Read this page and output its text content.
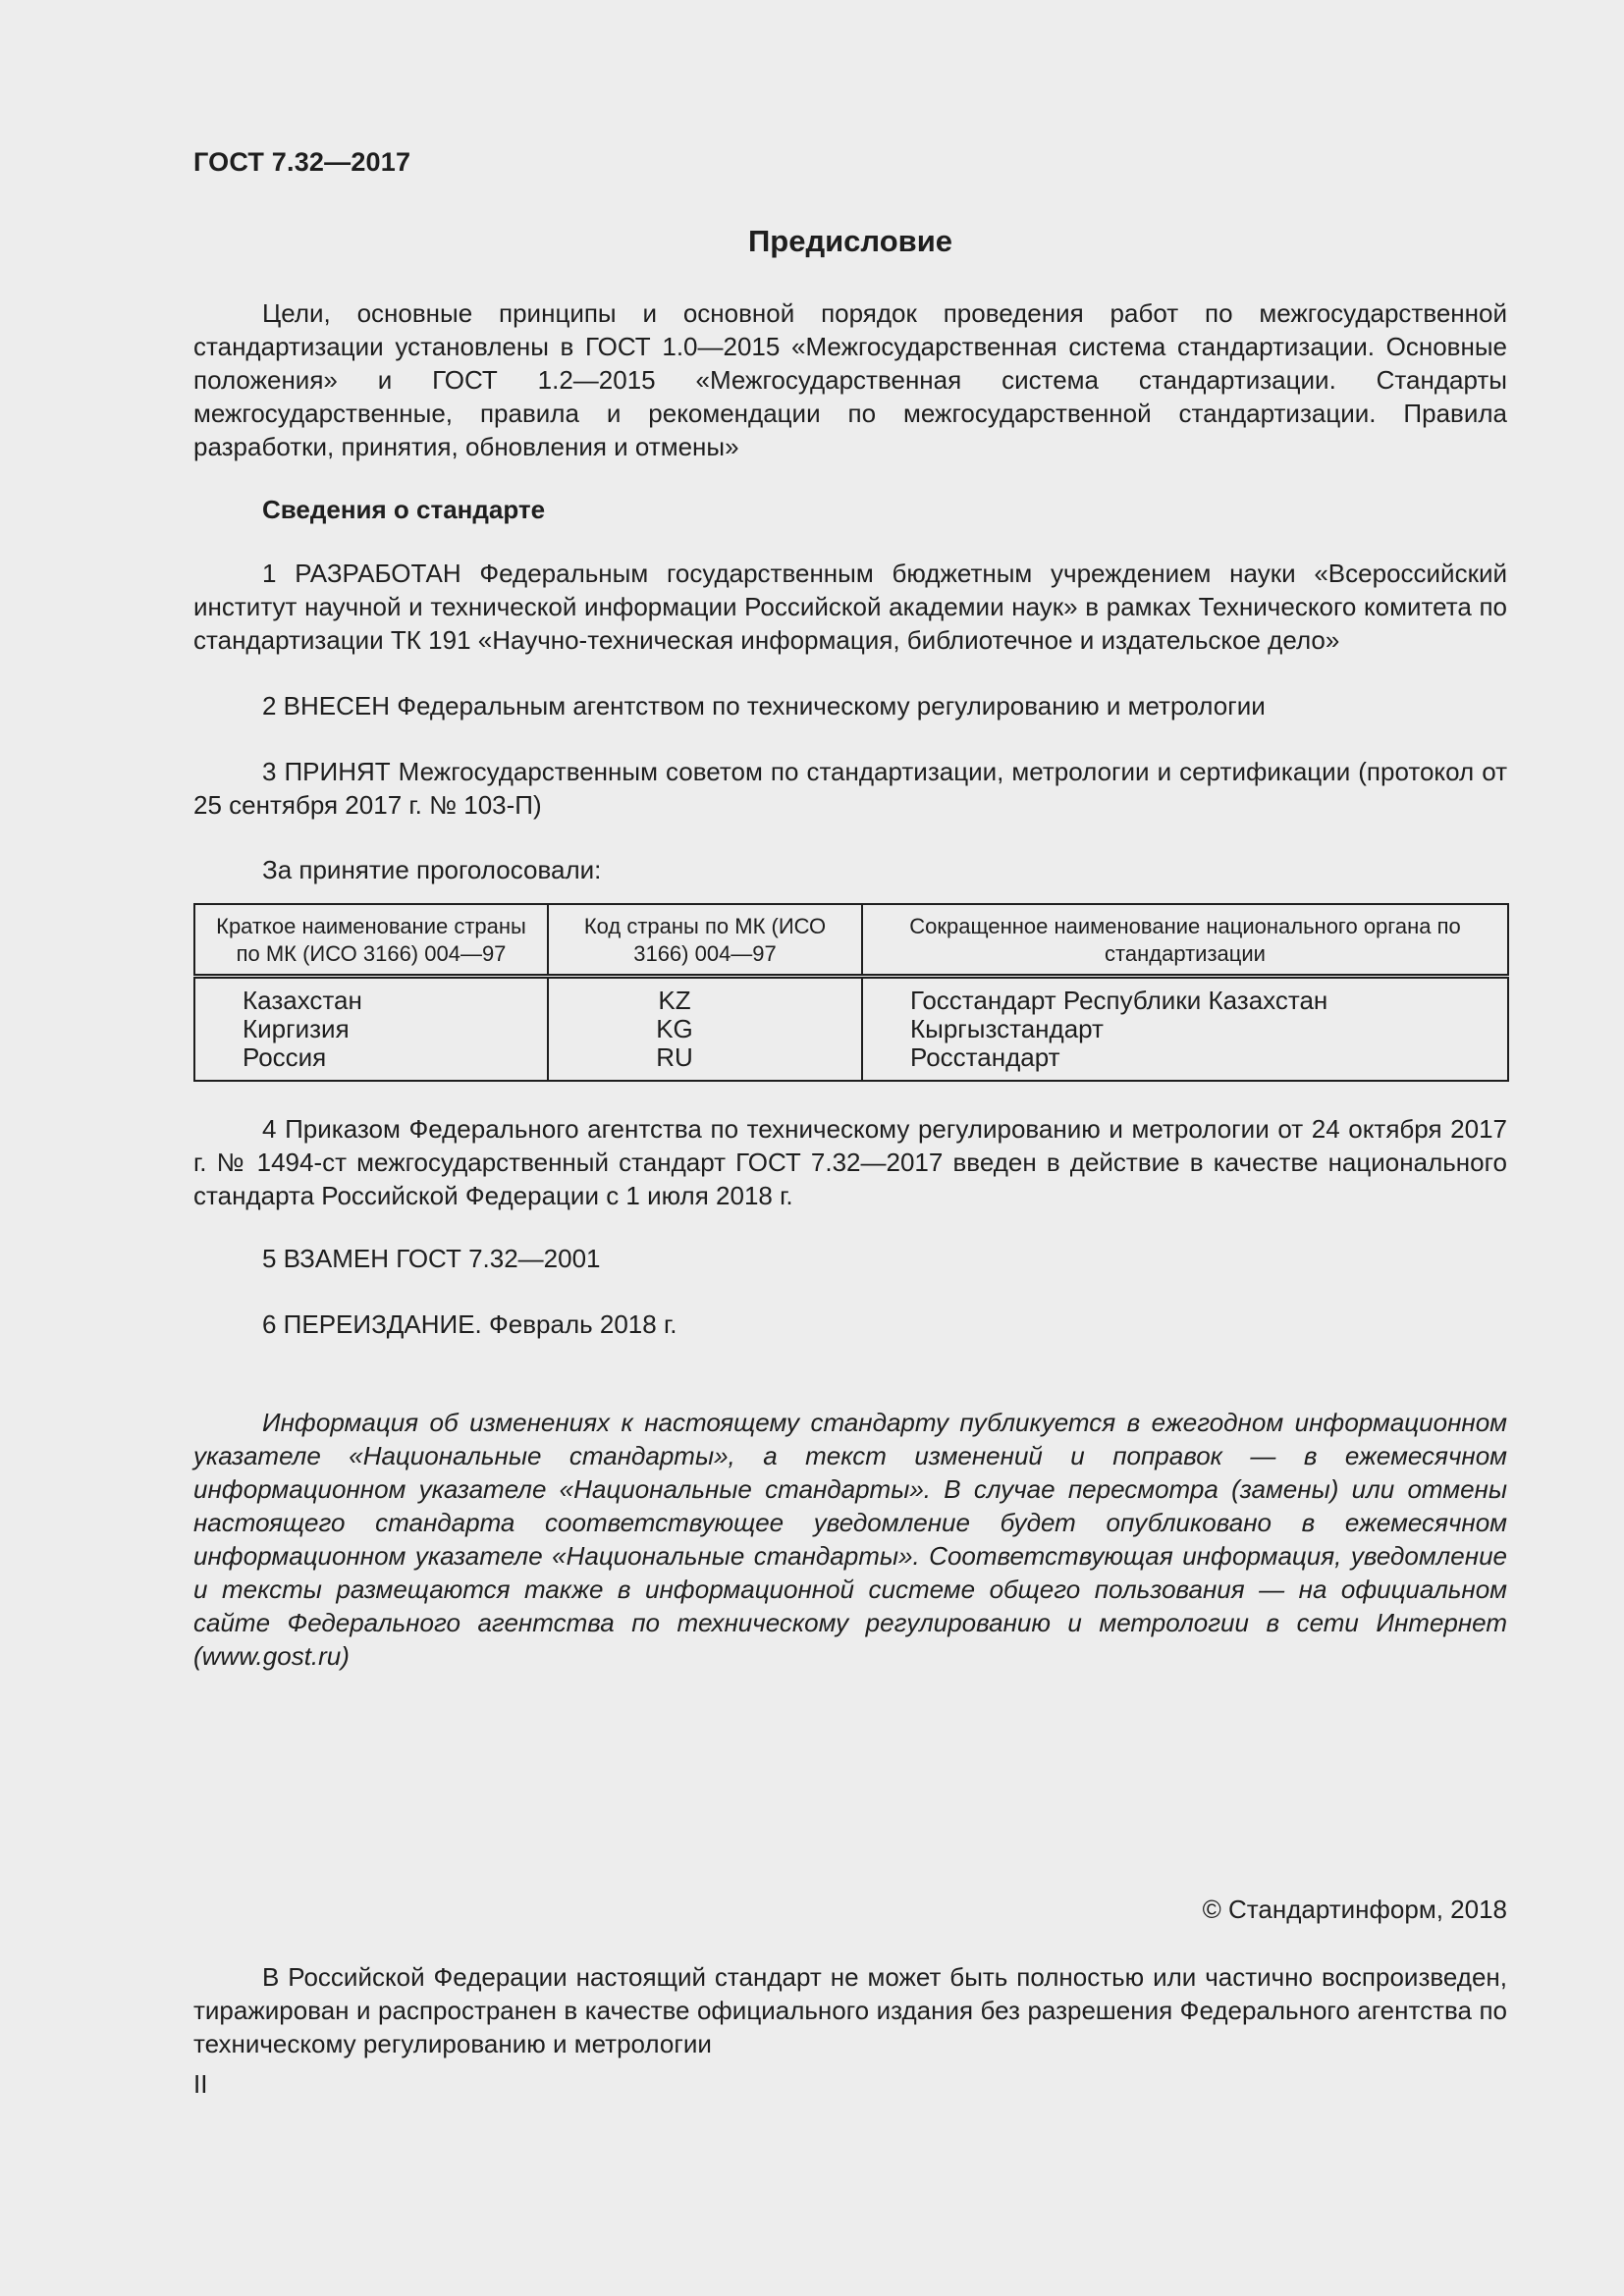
ГОСТ 7.32—2017
Предисловие

Цели, основные принципы и основной порядок проведения работ по межгосударственной стандартизации установлены в ГОСТ 1.0—2015 «Межгосударственная система стандартизации. Основные положения» и ГОСТ 1.2—2015 «Межгосударственная система стандартизации. Стандарты межгосударственные, правила и рекомендации по межгосударственной стандартизации. Правила разработки, принятия, обновления и отмены»

Сведения о стандарте

1 РАЗРАБОТАН Федеральным государственным бюджетным учреждением науки «Всероссийский институт научной и технической информации Российской академии наук» в рамках Технического комитета по стандартизации ТК 191 «Научно-техническая информация, библиотечное и издательское дело»

2 ВНЕСЕН Федеральным агентством по техническому регулированию и метрологии

3 ПРИНЯТ Межгосударственным советом по стандартизации, метрологии и сертификации (протокол от 25 сентября 2017 г. № 103-П)

За принятие проголосовали:

Краткое наименование страны по МК (ИСО 3166) 004—97	Код страны по МК (ИСО 3166) 004—97	Сокращенное наименование национального органа по стандартизации
Казахстан	KZ	Госстандарт Республики Казахстан
Киргизия	KG	Кыргызстандарт
Россия	RU	Росстандарт

4 Приказом Федерального агентства по техническому регулированию и метрологии от 24 октября 2017 г. № 1494-ст межгосударственный стандарт ГОСТ 7.32—2017 введен в действие в качестве национального стандарта Российской Федерации с 1 июля 2018 г.

5 ВЗАМЕН ГОСТ 7.32—2001

6 ПЕРЕИЗДАНИЕ. Февраль 2018 г.

Информация об изменениях к настоящему стандарту публикуется в ежегодном информационном указателе «Национальные стандарты», а текст изменений и поправок — в ежемесячном информационном указателе «Национальные стандарты». В случае пересмотра (замены) или отмены настоящего стандарта соответствующее уведомление будет опубликовано в ежемесячном информационном указателе «Национальные стандарты». Соответствующая информация, уведомление и тексты размещаются также в информационной системе общего пользования — на официальном сайте Федерального агентства по техническому регулированию и метрологии в сети Интернет (www.gost.ru)

© Стандартинформ, 2018

В Российской Федерации настоящий стандарт не может быть полностью или частично воспроизведен, тиражирован и распространен в качестве официального издания без разрешения Федерального агентства по техническому регулированию и метрологии

II
